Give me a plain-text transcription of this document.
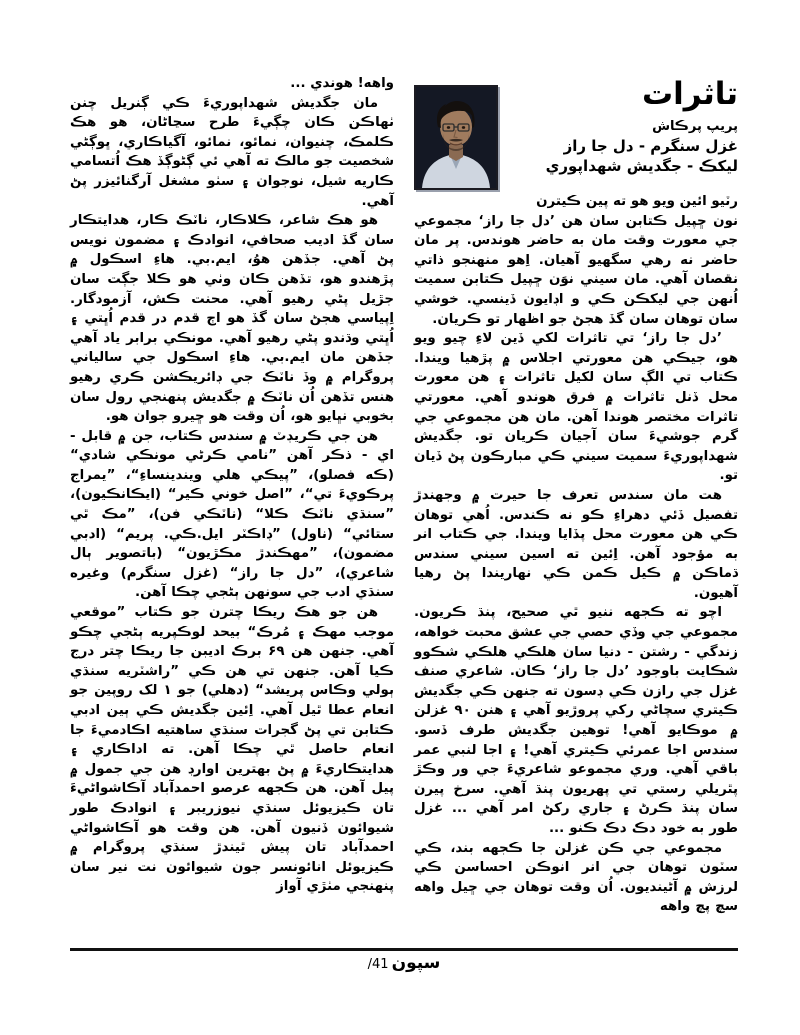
تاثرات
پريپ پرڪاش
غزل سنگرم - دل جا راز
ليکڪ - جگديش شهداپوري

رٽيو ائين ويو هو ته پين ڪيترن

نون ڇپيل ڪتابن سان هن ’دل جا راز‘ مجموعي جي معورت وقت مان به حاضر هوندس. پر مان حاضر نه رهي سگهيو آهيان. اِهو منهنجو ذاتي نقصان آهي. مان سيني نوَن ڇپيل ڪتابن سميت اُنهن جي ليکڪن ڪي و اڊايون ڏينسي. خوشي سان توهان سان گڏ هجڻ جو اظهار تو ڪريان.

’دل جا راز‘ تي تاثرات لکي ڏين لاءِ چيو ويو هو، جيڪي هن معورتي اجلاس ۾ پڙهيا ويندا. ڪتاب تي الڳ سان لکيل تاثرات ۽ هن معورت محل ڏنل تاثرات ۾ فرق هوندو آهي. معورتي تاثرات مختصر هوندا آهن. مان هن مجموعي جي گرم جوشيءَ سان آجيان ڪريان تو. جگديش شهداپوريءَ سميت سيني ڪي مبارڪون پڻ ڏيان تو.

هت مان سندس تعرف جا حيرت ۾ وجهندڙ تفصيل ڏئي دهراءِ ڪو نه ڪندس. اُهي توهان ڪي هن معورت محل پڏايا ويندا. جي ڪتاب انر به مؤجود آهن. اِئين ته اسين سيني سندس ڌماڪن ۾ ڪيل ڪمن ڪي نهاريندا پڻ رهيا آهيون.

اچو ته ڪجهه ننيو ٿي صحيح، پنڌ ڪريون. مجموعي جي وڏي حصي جي عشق محبت خواهه، زندگي - رشتن - دنيا سان هلڪي هلڪي شڪوو شڪايت باوجود ’دل جا راز‘ ڪان. شاعري صنف غزل جي رازن ڪي ڊسون ته جنهن ڪي جگديش ڪيتري سچاڻي رکي پروڙيو آهي ۽ هنن ۹۰ غزلن ۾ موڪايو آهي! توهين جگديش طرف ڏسو. سندس اجا عمرئي ڪيتري آهي! ۽ اجا لنبي عمر باقي آهي. وري مجموعو شاعريءَ جي ور وڪڙ پٿريلي رستي تي پهريون پنڌ آهي. سرخ پيرن سان پنڌ ڪرڻ ۽ جاري رکڻ امر آهي ... غزل طور به خود دڪ دڪ ڪنو ...

مجموعي جي ڪن غزلن جا ڪجهه بند، ڪي سٽون توهان جي انر انوڪن احساسن ڪي لرزش ۾ آڻينديون. اُن وقت توهان جي ڇيل واهه سچ پچ واهه

واهه! هوندي ...

مان جگديش شهداپوريءَ ڪي ڳنريل چنن ٺهاڪن ڪان چڳيءَ طرح سڃاڻان، هو هڪ ڪلمڪ، چنيوان، نمائو، نمائو، آگياڪاري، ڀوڳڻي شخصيت جو مالڪ ته آهي ئي ڳڻوڳڏ هڪ اُتسامي ڪاريه شيل، نوجوان ۽ سٺو مشغل آرگنائيزر پڻ آهي.

هو هڪ شاعر، ڪلاڪار، ناٽڪ ڪار، هدايتڪار سان گڏ اديب صحافي، انوادڪ ۽ مضمون نويس پڻ آهي. جڏهن هوُ، ايم.بي. هاءِ اسڪول ۾ پڙهندو هو، تڏهن ڪان وٺي هو ڪلا جڳت سان جڙيل پڻي رهيو آهي. محنت ڪش، آزمودگار. اِپياسي هجڻ سان گڏ هو اڄ قدم در قدم اُڀتي ۽ اُڀتي وڌندو پڻي رهيو آهي. مونڪي برابر ياد آهي جڏهن مان ايم.بي. هاءِ اسڪول جي سالياني پروگرام ۾ وڏ ناٽڪ جي ڊائريڪشن ڪري رهيو هنس تڏهن اُن ناٽڪ ۾ جگديش پنهنجي رول سان بخوبي نڀايو هو، اُن وقت هو ڇيرو جوان هو.

هن جي ڪريڊٽ ۾ سندس ڪتاب، جن ۾ قابل - اي - ذڪر آهن ”نامي ڪرڻي مونڪي شادي“ (ڪه فصلو)، ”پيڪي هلي ويندينساءِ“، ”يمراج پرڪويءَ تي“، ”اصل خوني ڪير“ (ايڪانڪيون)، ”سنڌي ناٽڪ ڪلا“ (ناٽڪي فن)، ”مڪ ٿي ستائي“ (ناول) ”ڊاڪٽر ايل.ڪي. پريم“ (ادبي مضمون)، ”مهڪندڙ مڪڙيون“ (باتصوير ٻال شاعري)، ”دل جا راز“ (غزل سنگرم) وغيره سنڌي ادب جي سونهن ٻڻجي چڪا آهن.

هن جو هڪ ريڪا چترن جو ڪتاب ”موقعي موجب مهڪ ۽ مُرڪ“ بيحد لوڪپريه ٻڻجي چڪو آهي. جنهن هن ۶۹ برڪ اديبن جا ريڪا چتر درج ڪيا آهن. جنهن تي هن ڪي ”راشٽريه سنڌي ٻولي وڪاس پريشد“ (دهلي) جو ۱ لک روپين جو انعام عطا ٿيل آهي. اِئين جگديش ڪي ٻين ادبي ڪتابن تي پڻ گجرات سنڌي ساهتيه اڪادميءَ جا انعام حاصل ٿي چڪا آهن. ته اداڪاري ۽ هدايتڪاريءَ ۾ پڻ بهترين اوارڊ هن جي جمول ۾ پيل آهن. هن ڪجهه عرصو احمدآباد آڪاشواڻيءَ تان ڪيزيوئل سنڌي نيوزريبر ۽ انوادڪ طور شيوائون ڏنيون آهن. هن وقت هو آڪاشواڻي احمدآباد تان پيش ٿيندڙ سنڌي پروگرام ۾ ڪيزيوئل انائونسر جون شيوائون نت نير سان پنهنجي مٺڙي آواز

سپون
41/
